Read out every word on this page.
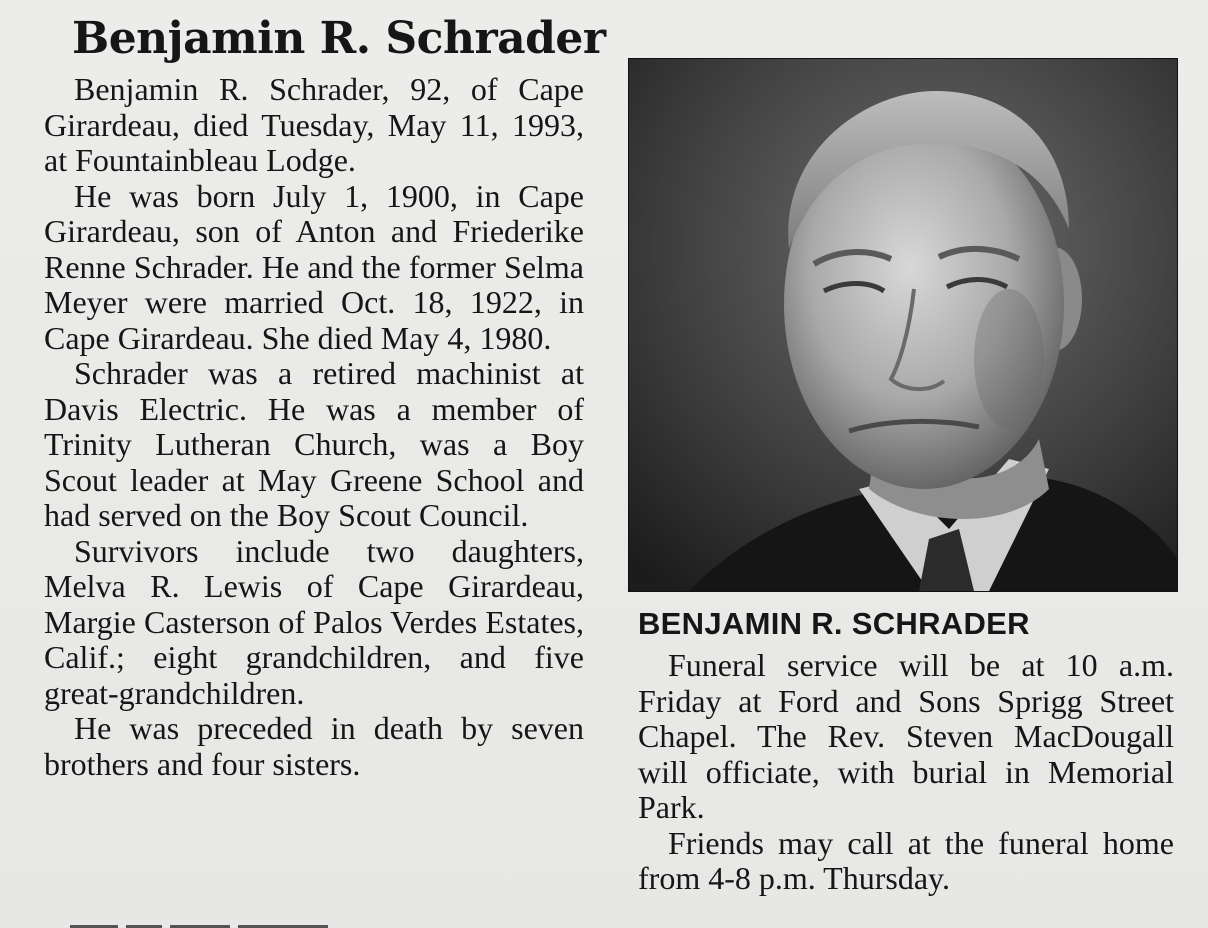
Benjamin R. Schrader

Benjamin R. Schrader, 92, of Cape Girardeau, died Tuesday, May 11, 1993, at Fountainbleau Lodge.

He was born July 1, 1900, in Cape Girardeau, son of Anton and Friederike Renne Schrader. He and the former Selma Meyer were married Oct. 18, 1922, in Cape Girardeau. She died May 4, 1980.

Schrader was a retired machinist at Davis Electric. He was a member of Trinity Lutheran Church, was a Boy Scout leader at May Greene School and had served on the Boy Scout Council.

Survivors include two daughters, Melva R. Lewis of Cape Girardeau, Margie Casterson of Palos Verdes Estates, Calif.; eight grandchildren, and five great-grandchildren.

He was preceded in death by seven brothers and four sisters.

BENJAMIN R. SCHRADER

Funeral service will be at 10 a.m. Friday at Ford and Sons Sprigg Street Chapel. The Rev. Steven MacDougall will officiate, with burial in Memorial Park.

Friends may call at the funeral home from 4-8 p.m. Thursday.
